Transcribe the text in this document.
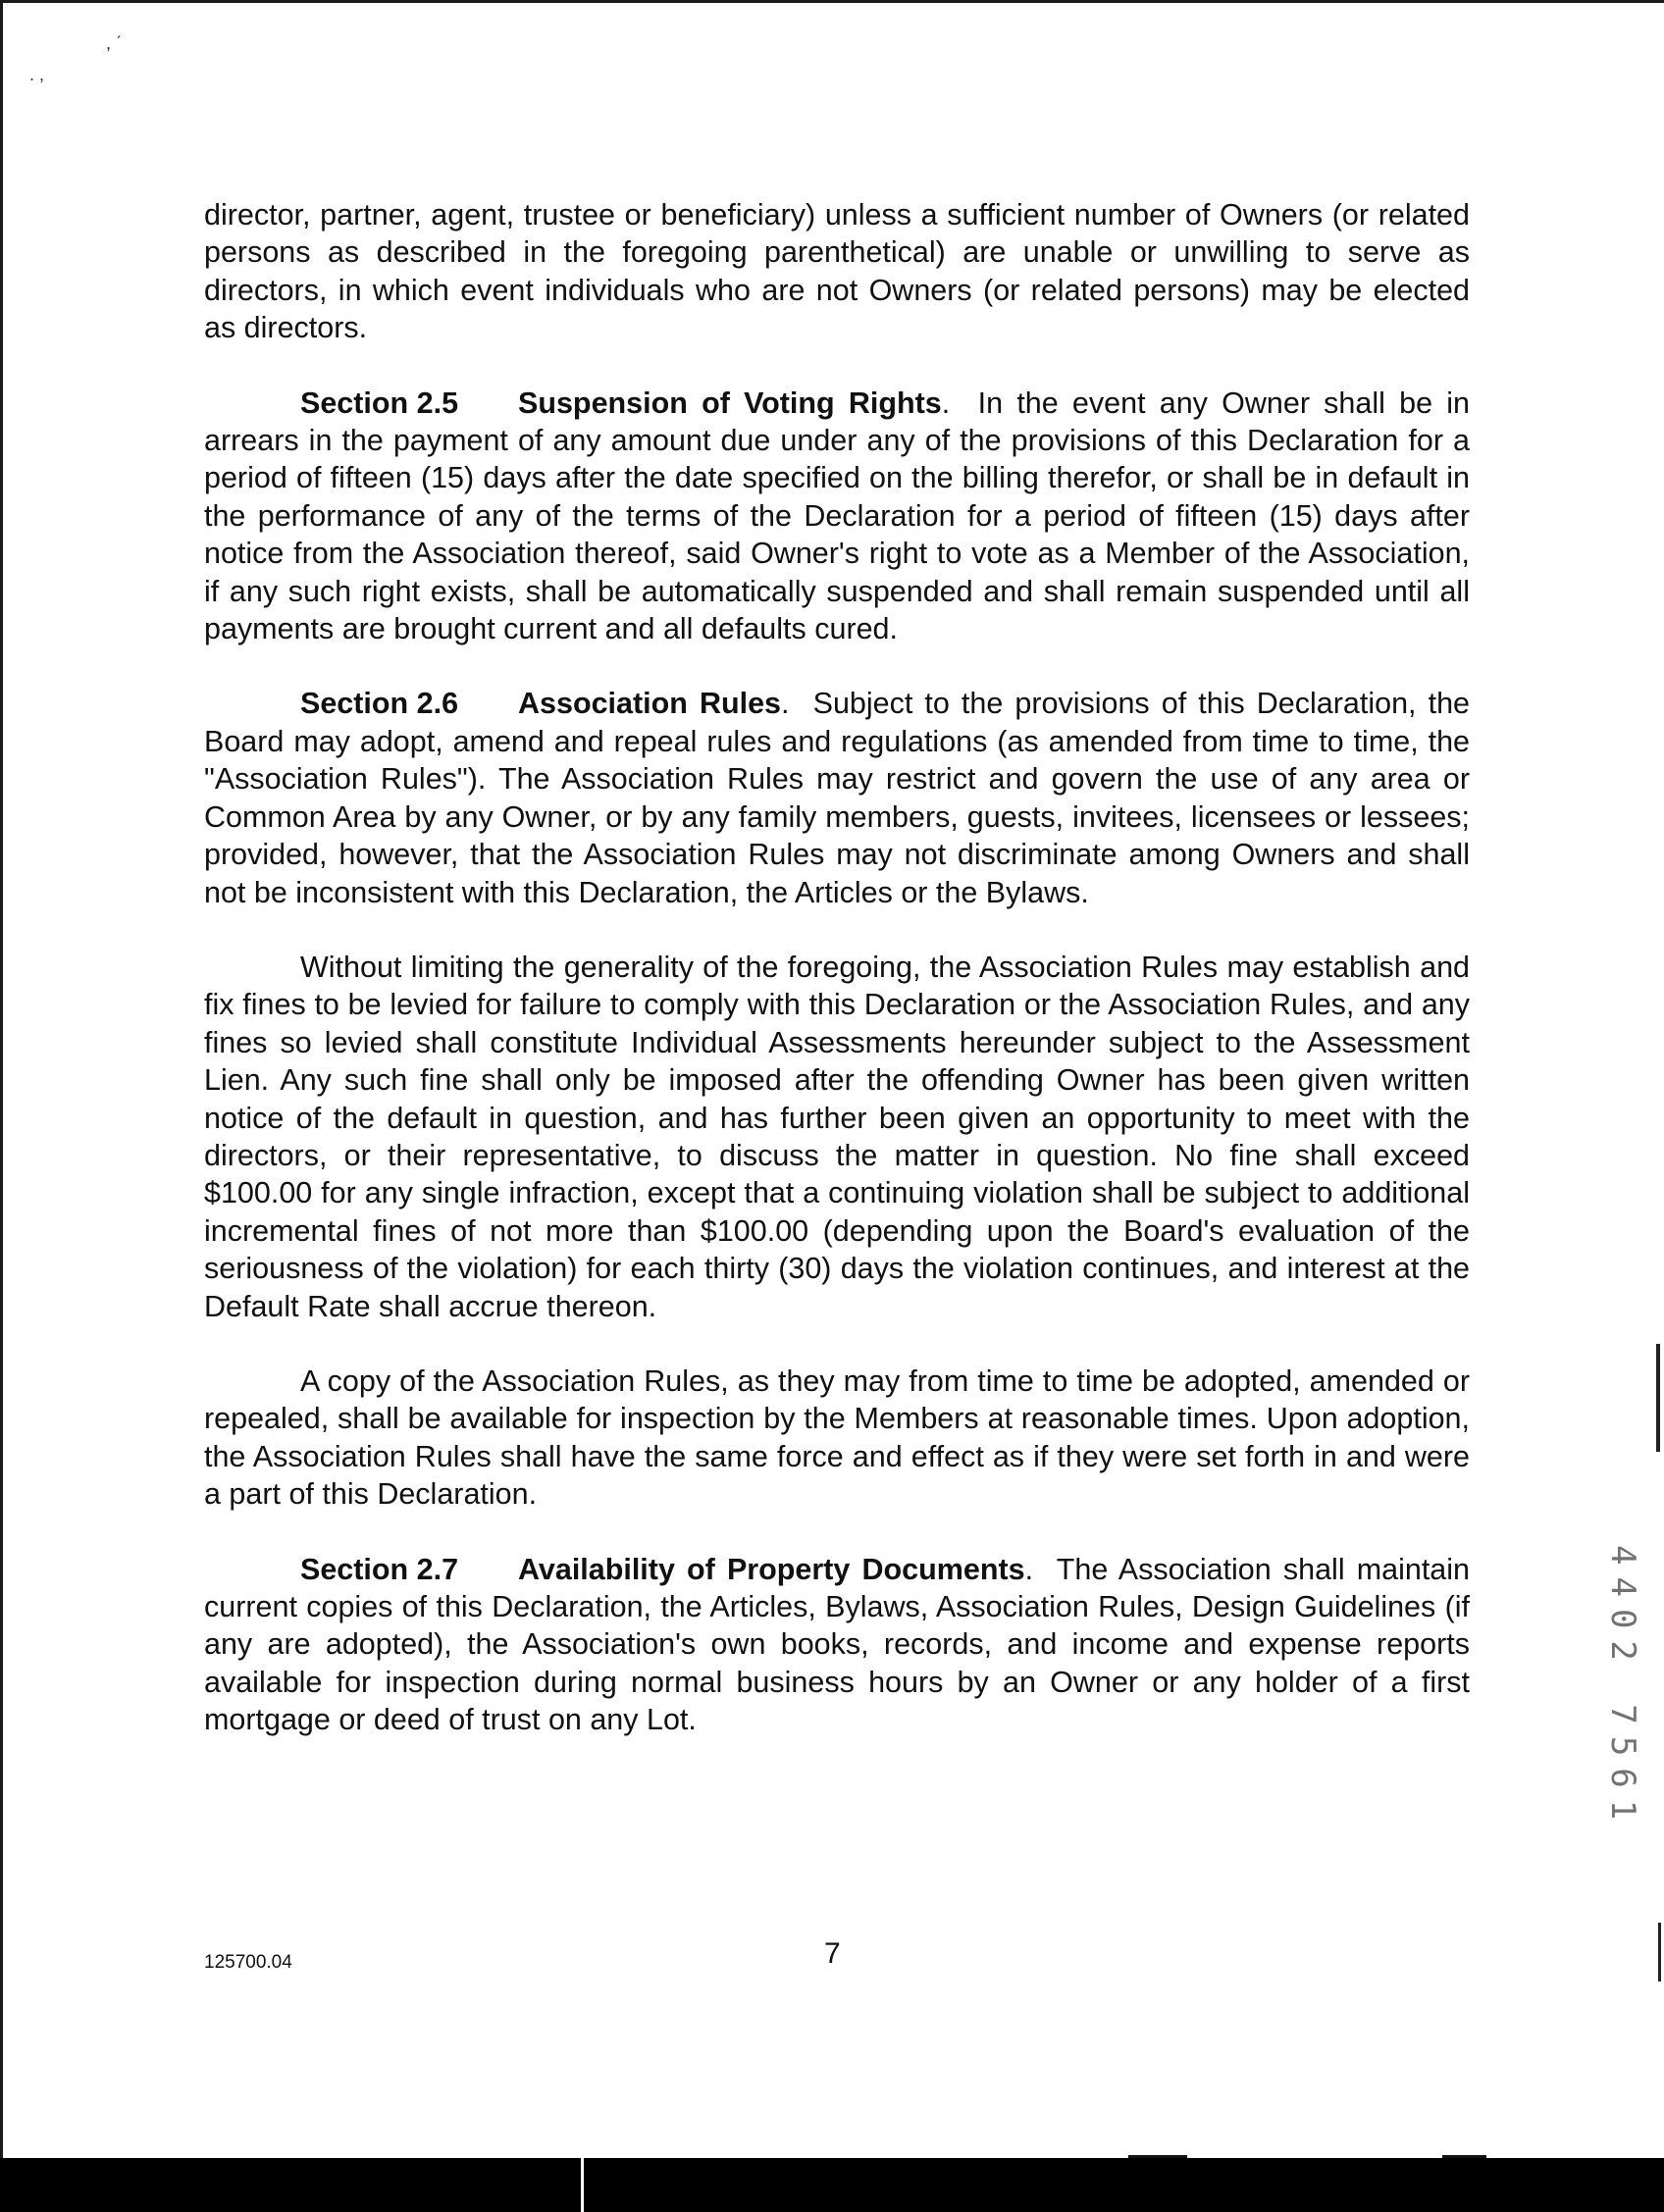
, ˊ
. ,

director, partner, agent, trustee or beneficiary) unless a sufficient number of Owners (or related persons as described in the foregoing parenthetical) are unable or unwilling to serve as directors, in which event individuals who are not Owners (or related persons) may be elected as directors.

Section 2.5 Suspension of Voting Rights.  In the event any Owner shall be in arrears in the payment of any amount due under any of the provisions of this Declaration for a period of fifteen (15) days after the date specified on the billing therefor, or shall be in default in the performance of any of the terms of the Declaration for a period of fifteen (15) days after notice from the Association thereof, said Owner's right to vote as a Member of the Association, if any such right exists, shall be automatically suspended and shall remain suspended until all payments are brought current and all defaults cured.

Section 2.6 Association Rules.  Subject to the provisions of this Declaration, the Board may adopt, amend and repeal rules and regulations (as amended from time to time, the "Association Rules"). The Association Rules may restrict and govern the use of any area or Common Area by any Owner, or by any family members, guests, invitees, licensees or lessees; provided, however, that the Association Rules may not discriminate among Owners and shall not be inconsistent with this Declaration, the Articles or the Bylaws.

Without limiting the generality of the foregoing, the Association Rules may establish and fix fines to be levied for failure to comply with this Declaration or the Association Rules, and any fines so levied shall constitute Individual Assessments hereunder subject to the Assessment Lien. Any such fine shall only be imposed after the offending Owner has been given written notice of the default in question, and has further been given an opportunity to meet with the directors, or their representative, to discuss the matter in question. No fine shall exceed $100.00 for any single infraction, except that a continuing violation shall be subject to additional incremental fines of not more than $100.00 (depending upon the Board's evaluation of the seriousness of the violation) for each thirty (30) days the violation continues, and interest at the Default Rate shall accrue thereon.

A copy of the Association Rules, as they may from time to time be adopted, amended or repealed, shall be available for inspection by the Members at reasonable times. Upon adoption, the Association Rules shall have the same force and effect as if they were set forth in and were a part of this Declaration.

Section 2.7 Availability of Property Documents.  The Association shall maintain current copies of this Declaration, the Articles, Bylaws, Association Rules, Design Guidelines (if any are adopted), the Association's own books, records, and income and expense reports available for inspection during normal business hours by an Owner or any holder of a first mortgage or deed of trust on any Lot.

125700.04	7
4402 7561
